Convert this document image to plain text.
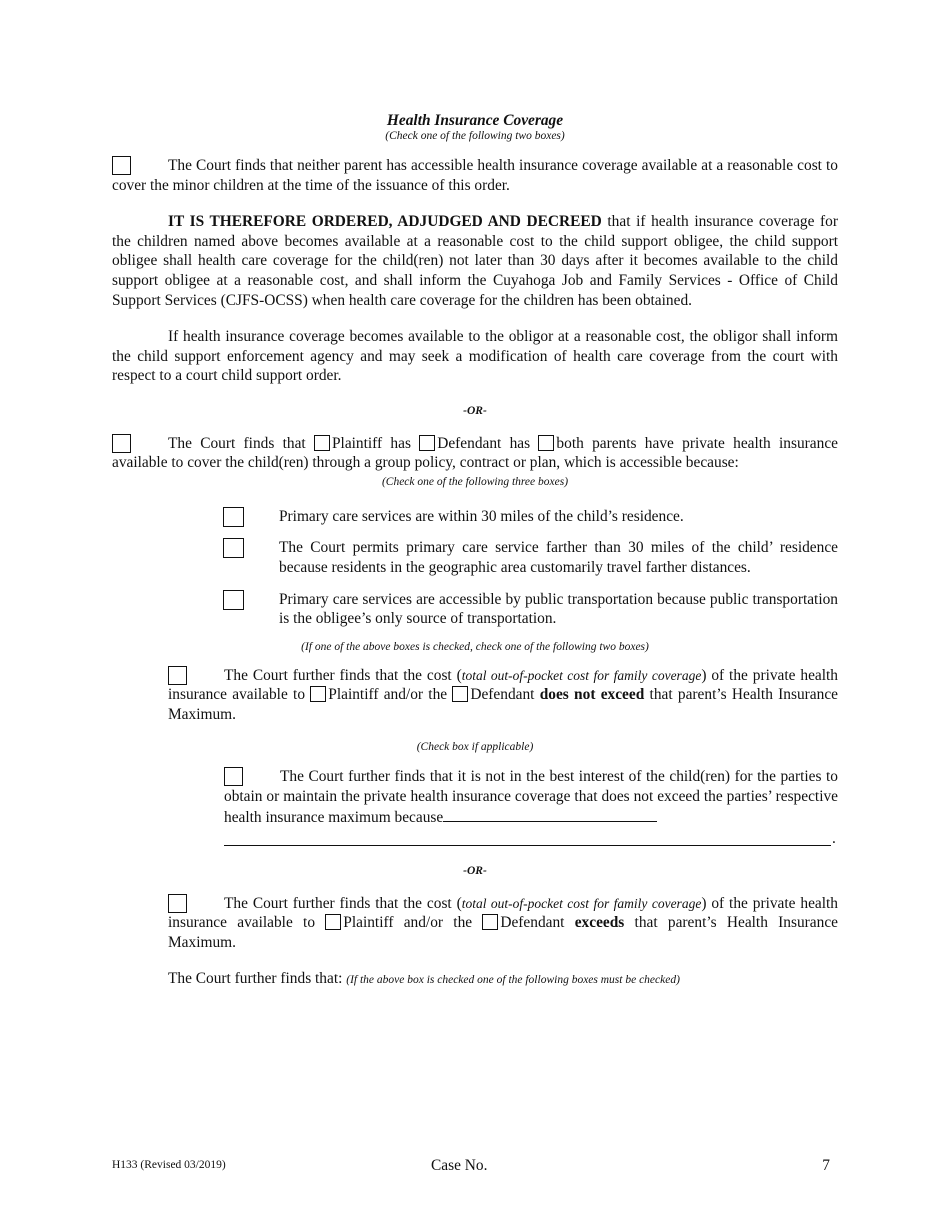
Health Insurance Coverage
(Check one of the following two boxes)

The Court finds that neither parent has accessible health insurance coverage available at a reasonable cost to cover the minor children at the time of the issuance of this order.

IT IS THEREFORE ORDERED, ADJUDGED AND DECREED that if health insurance coverage for the children named above becomes available at a reasonable cost to the child support obligee, the child support obligee shall health care coverage for the child(ren) not later than 30 days after it becomes available to the child support obligee at a reasonable cost, and shall inform the Cuyahoga Job and Family Services - Office of Child Support Services (CJFS-OCSS) when health care coverage for the children has been obtained.

If health insurance coverage becomes available to the obligor at a reasonable cost, the obligor shall inform the child support enforcement agency and may seek a modification of health care coverage from the court with respect to a court child support order.

-OR-

The Court finds that Plaintiff has Defendant has both parents have private health insurance available to cover the child(ren) through a group policy, contract or plan, which is accessible because:

(Check one of the following three boxes)

Primary care services are within 30 miles of the child’s residence.

The Court permits primary care service farther than 30 miles of the child’ residence because residents in the geographic area customarily travel farther distances.

Primary care services are accessible by public transportation because public transportation is the obligee’s only source of transportation.

(If one of the above boxes is checked, check one of the following two boxes)

The Court further finds that the cost (total out-of-pocket cost for family coverage) of the private health insurance available to Plaintiff and/or the Defendant does not exceed that parent’s Health Insurance Maximum.

(Check box if applicable)

The Court further finds that it is not in the best interest of the child(ren) for the parties to obtain or maintain the private health insurance coverage that does not exceed the parties’ respective health insurance maximum because

.
-OR-

The Court further finds that the cost (total out-of-pocket cost for family coverage) of the private health insurance available to Plaintiff and/or the Defendant exceeds that parent’s Health Insurance Maximum.

The Court further finds that: (If the above box is checked one of the following boxes must be checked)
H133 (Revised 03/2019)	Case No.	7
